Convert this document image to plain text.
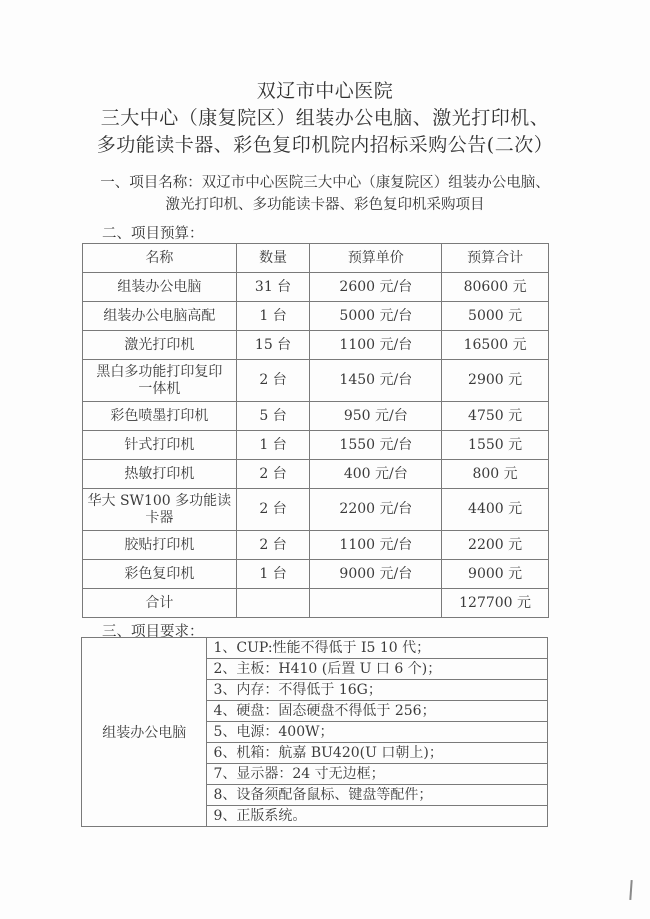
双辽市中心医院
三大中心（康复院区）组装办公电脑、激光打印机、
多功能读卡器、彩色复印机院内招标采购公告(二次）
一、项目名称：双辽市中心医院三大中心（康复院区）组装办公电脑、
激光打印机、多功能读卡器、彩色复印机采购项目
二、项目预算：
名称	数量	预算单价	预算合计
组装办公电脑	31 台	2600 元/台	80600 元
组装办公电脑高配	1 台	5000 元/台	5000 元
激光打印机	15 台	1100 元/台	16500 元

黑白多功能打印复印
一体机	2 台	1450 元/台	2900 元
彩色喷墨打印机	5 台	950 元/台	4750 元
针式打印机	1 台	1550 元/台	1550 元
热敏打印机	2 台	400 元/台	800 元

华大 SW100 多功能读
卡器	2 台	2200 元/台	4400 元
胶贴打印机	2 台	1100 元/台	2200 元
彩色复印机	1 台	9000 元/台	9000 元
合计			127700 元
三、项目要求：
组装办公电脑	1、CUP:性能不得低于 I5 10 代；
2、主板：H410 (后置 U 口 6 个)；
3、内存：不得低于 16G；
4、硬盘：固态硬盘不得低于 256；
5、电源：400W；
6、机箱：航嘉 BU420(U 口朝上)；
7、显示器：24 寸无边框；
8、设备须配备鼠标、键盘等配件；
9、正版系统。
